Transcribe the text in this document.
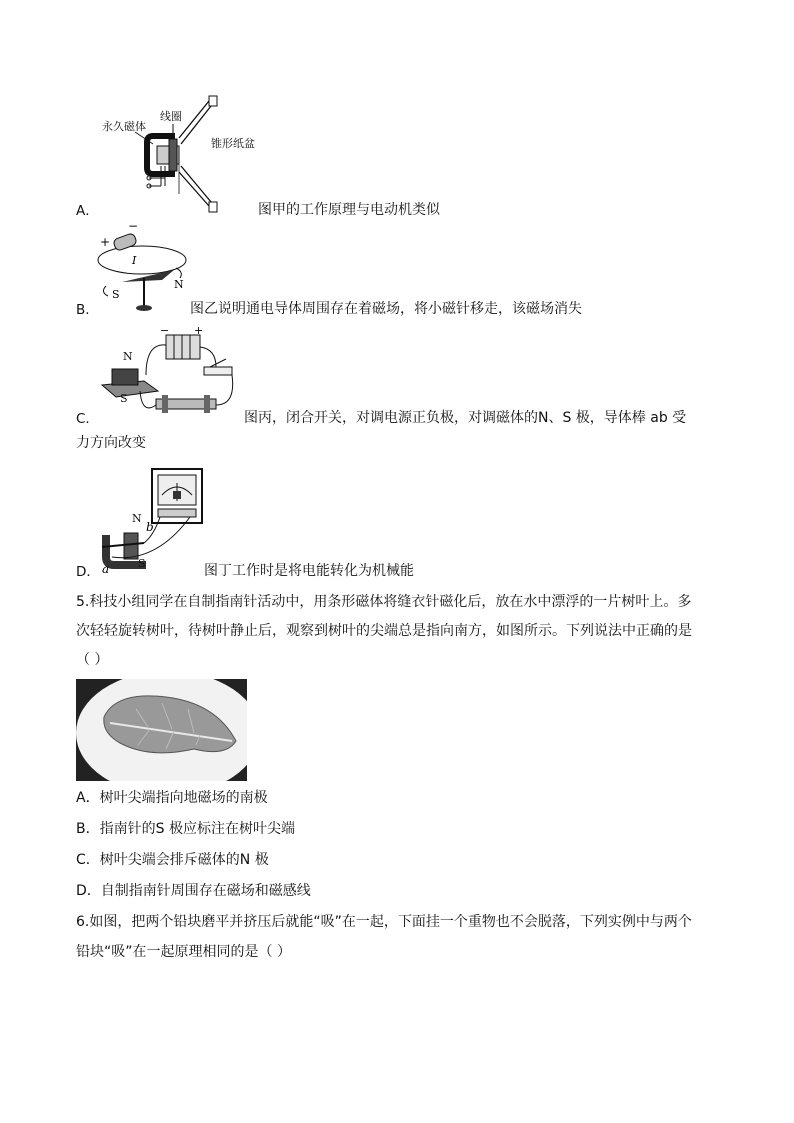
永久磁体
线圈
锥形纸盆
A．	图甲的工作原理与电动机类似
+
−
I
S
N
B．	图乙说明通电导体周围存在着磁场，将小磁针移走，该磁场消失
− +
N
S
C．	图丙，闭合开关，对调电源正负极，对调磁体的N、S 极，导体棒 ab 受
力方向改变
b
a
N
S
D．	图丁工作时是将电能转化为机械能
5.科技小组同学在自制指南针活动中，用条形磁体将缝衣针磁化后，放在水中漂浮的一片树叶上。多
次轻轻旋转树叶，待树叶静止后，观察到树叶的尖端总是指向南方，如图所示。下列说法中正确的是
（ ）
A．树叶尖端指向地磁场的南极
B．指南针的S 极应标注在树叶尖端
C．树叶尖端会排斥磁体的N 极
D．自制指南针周围存在磁场和磁感线
6.如图，把两个铅块磨平并挤压后就能“吸”在一起，下面挂一个重物也不会脱落，下列实例中与两个
铅块“吸”在一起原理相同的是（ ）
